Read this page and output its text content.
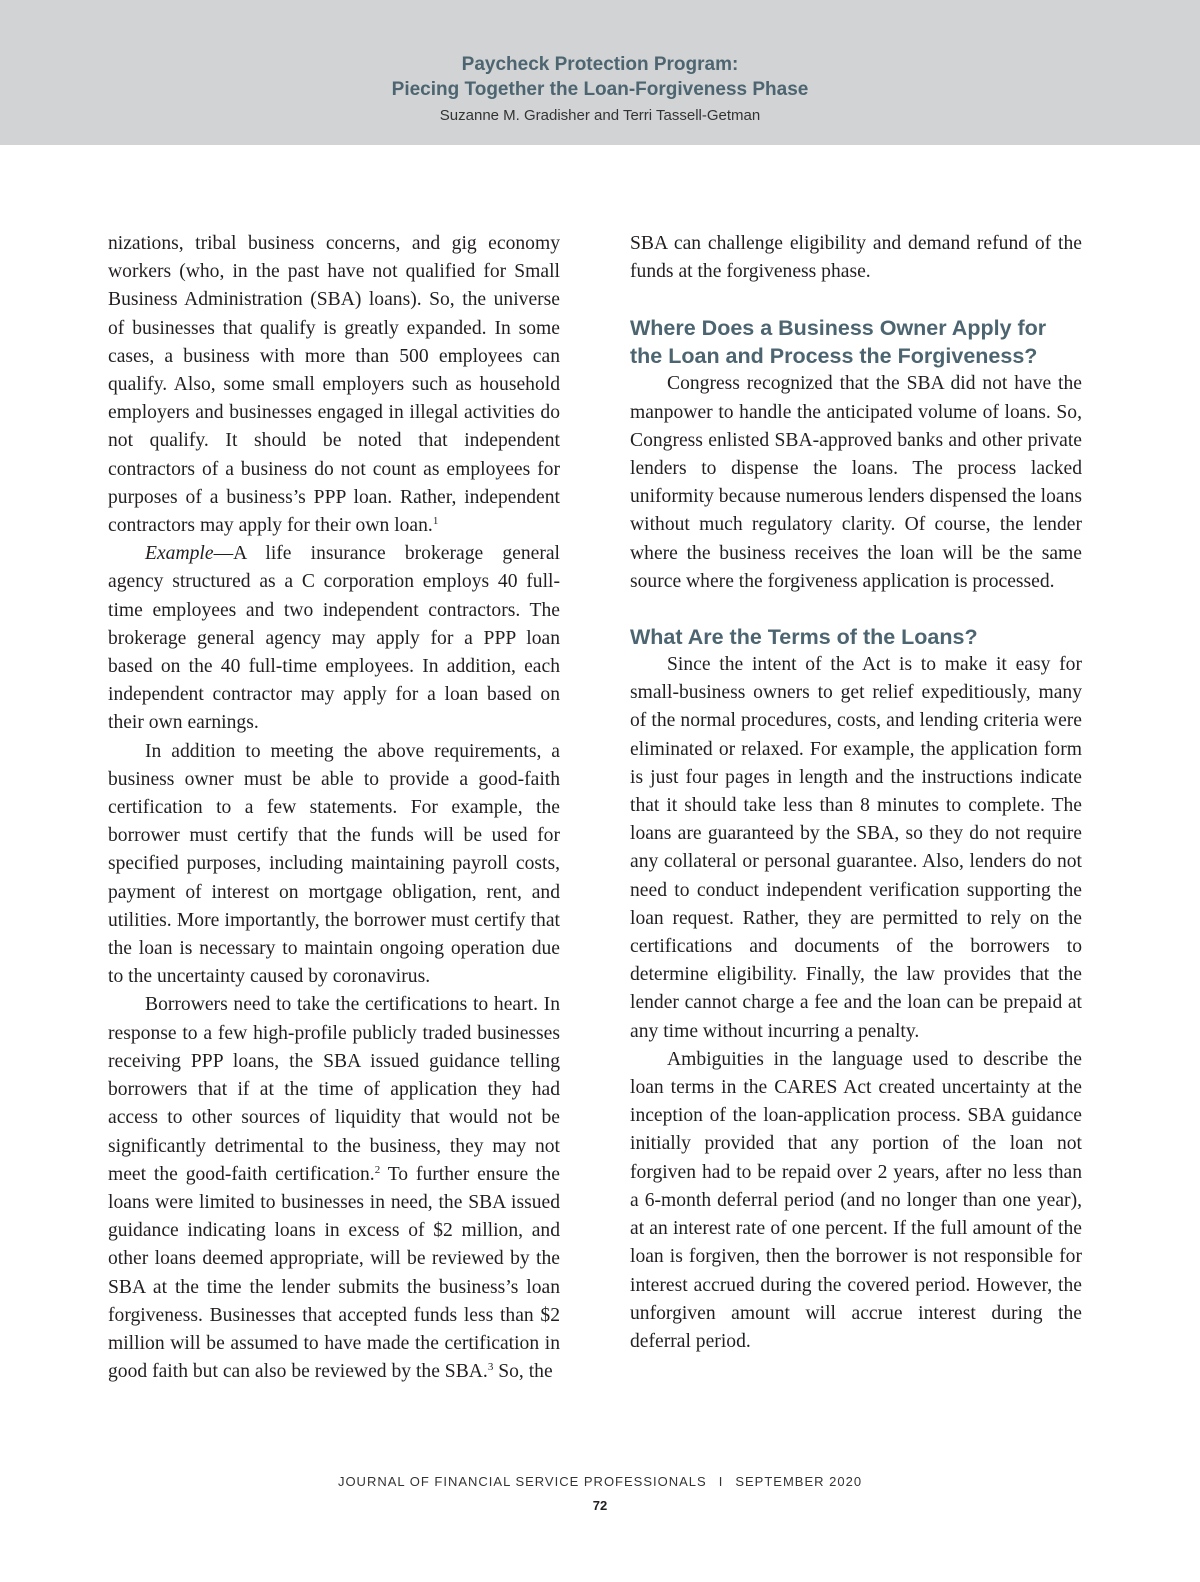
Paycheck Protection Program:
Piecing Together the Loan-Forgiveness Phase
Suzanne M. Gradisher and Terri Tassell-Getman

nizations, tribal business concerns, and gig economy workers (who, in the past have not qualified for Small Business Administration (SBA) loans). So, the universe of businesses that qualify is greatly expanded. In some cases, a business with more than 500 employees can qualify. Also, some small employers such as household employers and businesses engaged in illegal activities do not qualify. It should be noted that independent contractors of a business do not count as employees for purposes of a business’s PPP loan. Rather, independent contractors may apply for their own loan.$^1$

Example—A life insurance brokerage general agency structured as a C corporation employs 40 full-time employees and two independent contractors. The brokerage general agency may apply for a PPP loan based on the 40 full-time employees. In addition, each independent contractor may apply for a loan based on their own earnings.

In addition to meeting the above requirements, a business owner must be able to provide a good-faith certification to a few statements. For example, the borrower must certify that the funds will be used for specified purposes, including maintaining payroll costs, payment of interest on mortgage obligation, rent, and utilities. More importantly, the borrower must certify that the loan is necessary to maintain ongoing operation due to the uncertainty caused by coronavirus.

Borrowers need to take the certifications to heart. In response to a few high-profile publicly traded businesses receiving PPP loans, the SBA issued guidance telling borrowers that if at the time of application they had access to other sources of liquidity that would not be significantly detrimental to the business, they may not meet the good-faith certification.$^2$ To further ensure the loans were limited to businesses in need, the SBA issued guidance indicating loans in excess of $2 million, and other loans deemed appropriate, will be reviewed by the SBA at the time the lender submits the business’s loan forgiveness. Businesses that accepted funds less than $2 million will be assumed to have made the certification in good faith but can also be reviewed by the SBA.$^3$ So, the

SBA can challenge eligibility and demand refund of the funds at the forgiveness phase.

Where Does a Business Owner Apply for the Loan and Process the Forgiveness?

Congress recognized that the SBA did not have the manpower to handle the anticipated volume of loans. So, Congress enlisted SBA-approved banks and other private lenders to dispense the loans. The process lacked uniformity because numerous lenders dispensed the loans without much regulatory clarity. Of course, the lender where the business receives the loan will be the same source where the forgiveness application is processed.

What Are the Terms of the Loans?

Since the intent of the Act is to make it easy for small-business owners to get relief expeditiously, many of the normal procedures, costs, and lending criteria were eliminated or relaxed. For example, the application form is just four pages in length and the instructions indicate that it should take less than 8 minutes to complete. The loans are guaranteed by the SBA, so they do not require any collateral or personal guarantee. Also, lenders do not need to conduct independent verification supporting the loan request. Rather, they are permitted to rely on the certifications and documents of the borrowers to determine eligibility. Finally, the law provides that the lender cannot charge a fee and the loan can be prepaid at any time without incurring a penalty.

Ambiguities in the language used to describe the loan terms in the CARES Act created uncertainty at the inception of the loan-application process. SBA guidance initially provided that any portion of the loan not forgiven had to be repaid over 2 years, after no less than a 6-month deferral period (and no longer than one year), at an interest rate of one percent. If the full amount of the loan is forgiven, then the borrower is not responsible for interest accrued during the covered period. However, the unforgiven amount will accrue interest during the deferral period.

JOURNAL OF FINANCIAL SERVICE PROFESSIONALS I SEPTEMBER 2020
72
